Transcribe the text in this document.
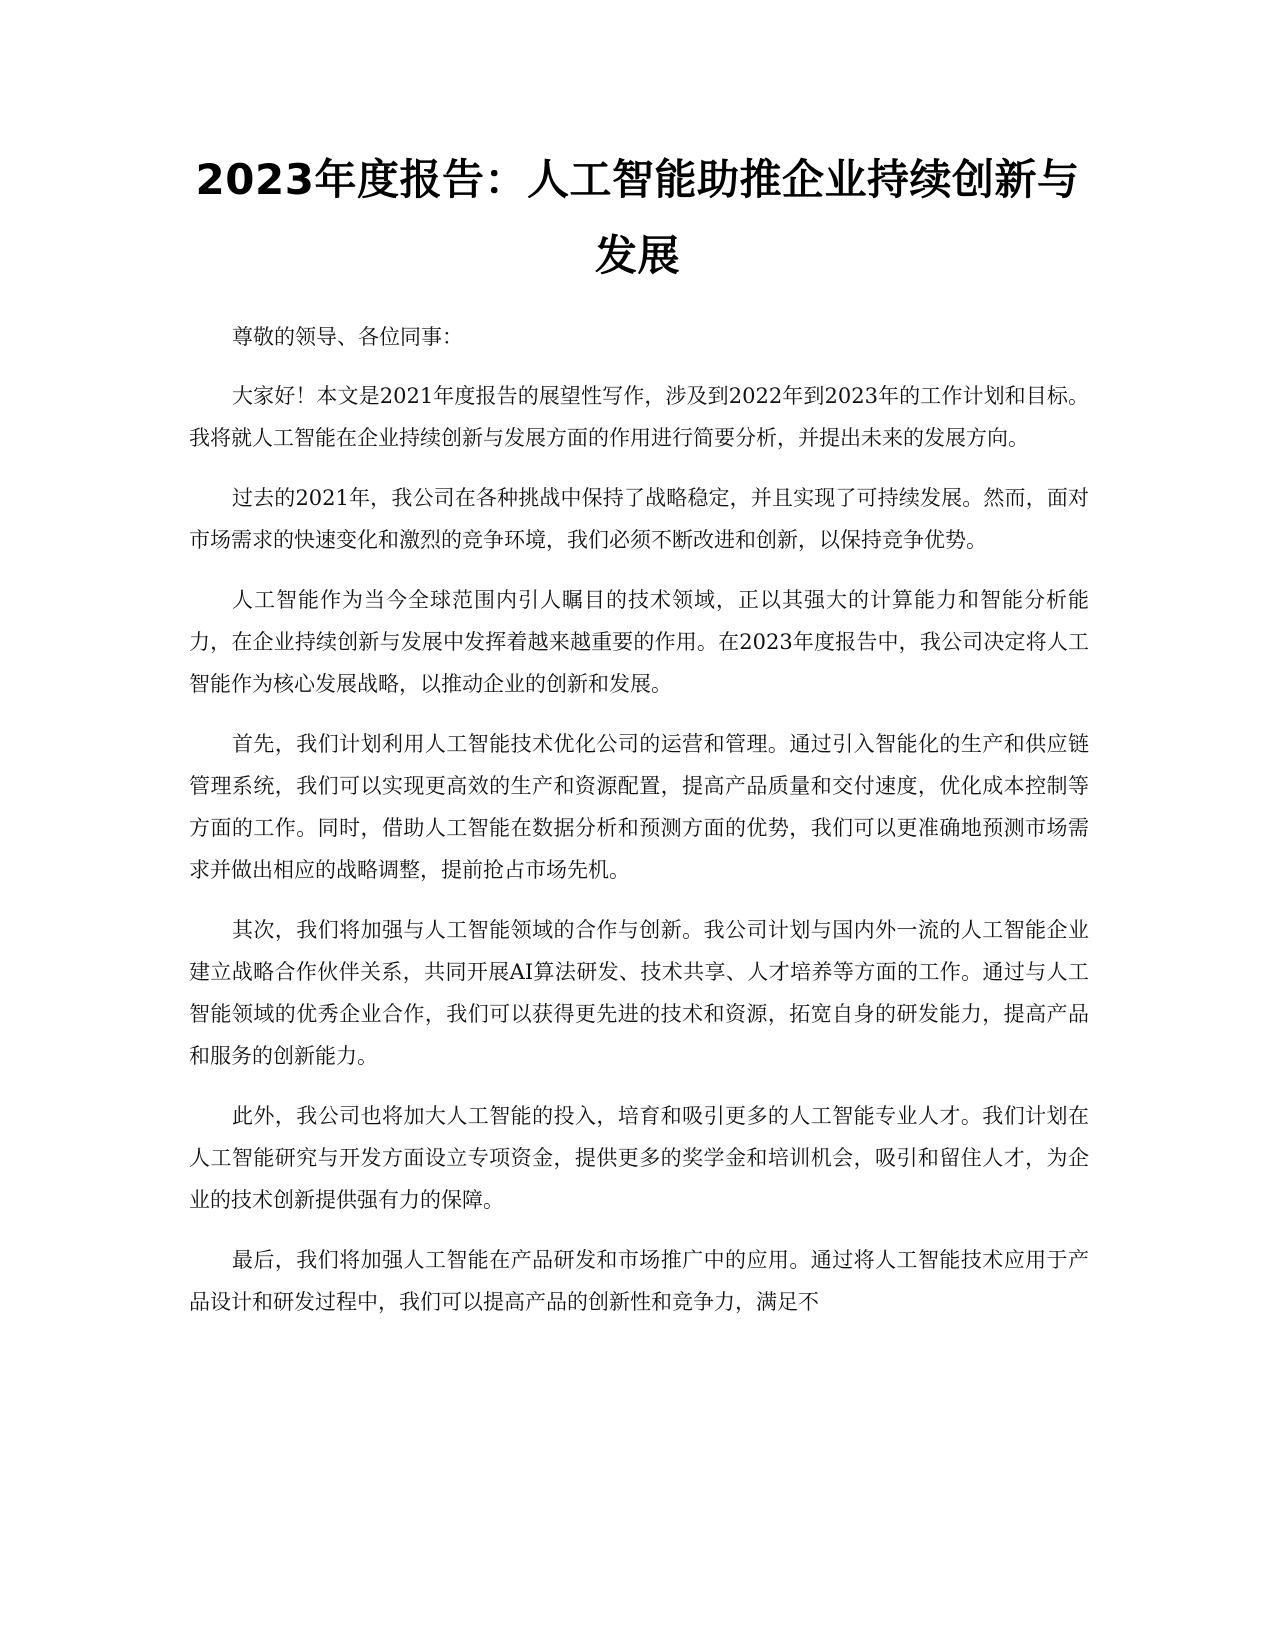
2023年度报告：人工智能助推企业持续创新与发展

尊敬的领导、各位同事：

大家好！本文是2021年度报告的展望性写作，涉及到2022年到2023年的工作计划和目标。我将就人工智能在企业持续创新与发展方面的作用进行简要分析，并提出未来的发展方向。

过去的2021年，我公司在各种挑战中保持了战略稳定，并且实现了可持续发展。然而，面对市场需求的快速变化和激烈的竞争环境，我们必须不断改进和创新，以保持竞争优势。

人工智能作为当今全球范围内引人瞩目的技术领域，正以其强大的计算能力和智能分析能力，在企业持续创新与发展中发挥着越来越重要的作用。在2023年度报告中，我公司决定将人工智能作为核心发展战略，以推动企业的创新和发展。

首先，我们计划利用人工智能技术优化公司的运营和管理。通过引入智能化的生产和供应链管理系统，我们可以实现更高效的生产和资源配置，提高产品质量和交付速度，优化成本控制等方面的工作。同时，借助人工智能在数据分析和预测方面的优势，我们可以更准确地预测市场需求并做出相应的战略调整，提前抢占市场先机。

其次，我们将加强与人工智能领域的合作与创新。我公司计划与国内外一流的人工智能企业建立战略合作伙伴关系，共同开展AI算法研发、技术共享、人才培养等方面的工作。通过与人工智能领域的优秀企业合作，我们可以获得更先进的技术和资源，拓宽自身的研发能力，提高产品和服务的创新能力。

此外，我公司也将加大人工智能的投入，培育和吸引更多的人工智能专业人才。我们计划在人工智能研究与开发方面设立专项资金，提供更多的奖学金和培训机会，吸引和留住人才，为企业的技术创新提供强有力的保障。

最后，我们将加强人工智能在产品研发和市场推广中的应用。通过将人工智能技术应用于产品设计和研发过程中，我们可以提高产品的创新性和竞争力，满足不
